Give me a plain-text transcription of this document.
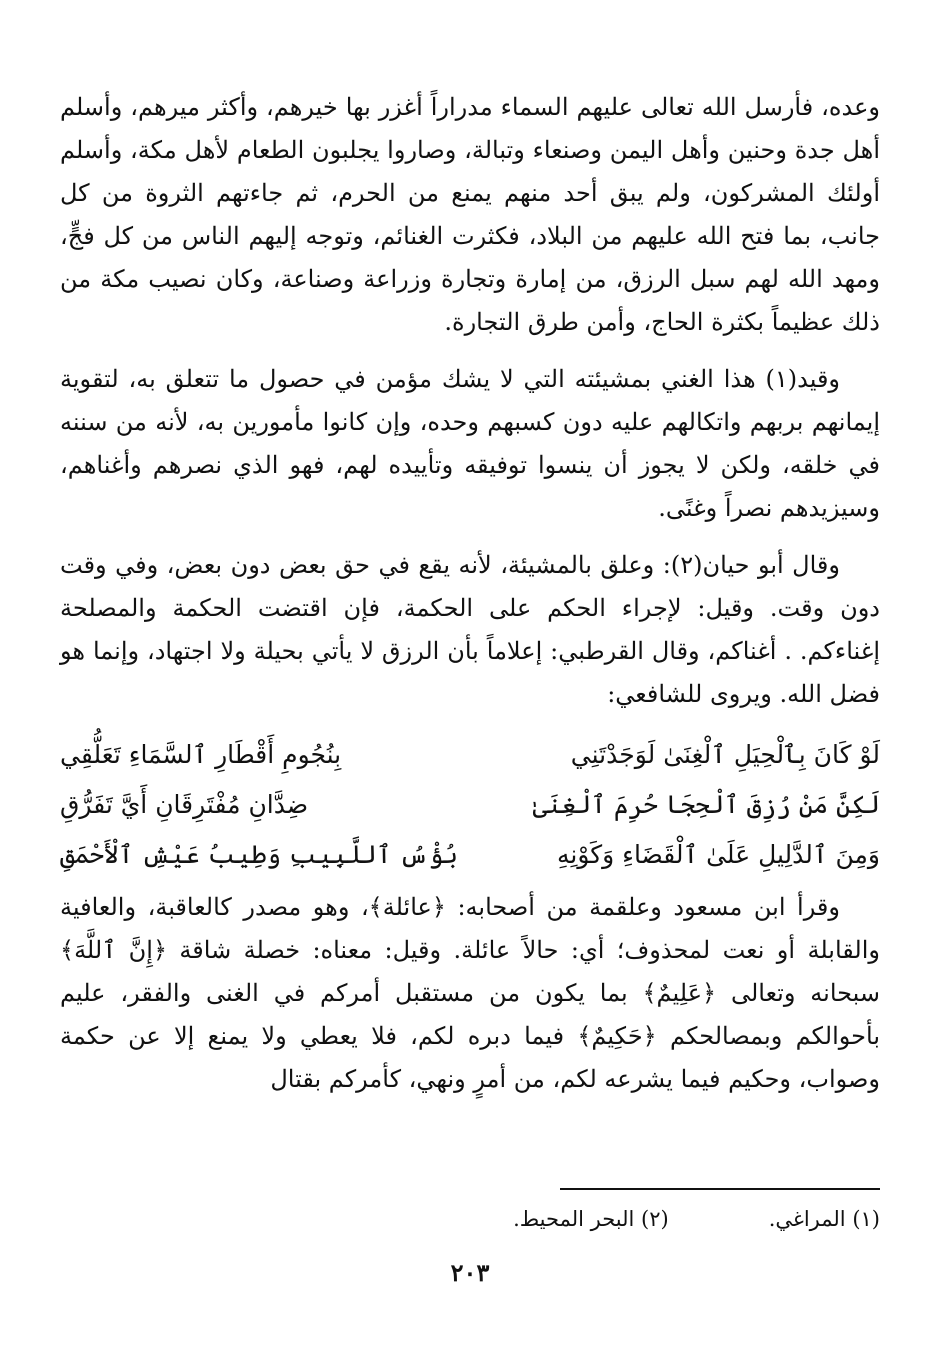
وعده، فأرسل الله تعالى عليهم السماء مدراراً أغزر بها خيرهم، وأكثر ميرهم، وأسلم أهل جدة وحنين وأهل اليمن وصنعاء وتبالة، وصاروا يجلبون الطعام لأهل مكة، وأسلم أولئك المشركون، ولم يبق أحد منهم يمنع من الحرم، ثم جاءتهم الثروة من كل جانب، بما فتح الله عليهم من البلاد، فكثرت الغنائم، وتوجه إليهم الناس من كل فجٍّ، ومهد الله لهم سبل الرزق، من إمارة وتجارة وزراعة وصناعة، وكان نصيب مكة من ذلك عظيماً بكثرة الحاج، وأمن طرق التجارة.

وقيد(١) هذا الغني بمشيئته التي لا يشك مؤمن في حصول ما تتعلق به، لتقوية إيمانهم بربهم واتكالهم عليه دون كسبهم وحده، وإن كانوا مأمورين به، لأنه من سننه في خلقه، ولكن لا يجوز أن ينسوا توفيقه وتأييده لهم، فهو الذي نصرهم وأغناهم، وسيزيدهم نصراً وغنًى.

وقال أبو حيان(٢): وعلق بالمشيئة، لأنه يقع في حق بعض دون بعض، وفي وقت دون وقت. وقيل: لإجراء الحكم على الحكمة، فإن اقتضت الحكمة والمصلحة إغناءكم. . أغناكم، وقال القرطبي: إعلاماً بأن الرزق لا يأتي بحيلة ولا اجتهاد، وإنما هو فضل الله. ويروى للشافعي:

لَوْ كَانَ بِٱلْحِيَلِ ٱلْغِنَىٰ لَوَجَدْتَنِي
بِنُجُومِ أَقْطَارِ ٱلسَّمَاءِ تَعَلُّقِي
لَكِنَّ مَنْ رُزِقَ ٱلْحِجَا حُرِمَ ٱلْغِنَىٰ
ضِدَّانِ مُفْتَرِقَانِ أَيَّ تَفَرُّقِ
وَمِنَ ٱلدَّلِيلِ عَلَىٰ ٱلْقَضَاءِ وَكَوْنِهِ
بُؤْسُ ٱللَّبِيبِ وَطِيبُ عَيْشِ ٱلْأَحْمَقِ

وقرأ ابن مسعود وعلقمة من أصحابه: ﴿عائلة﴾، وهو مصدر كالعاقبة، والعافية والقابلة أو نعت لمحذوف؛ أي: حالاً عائلة. وقيل: معناه: خصلة شاقة ﴿إِنَّ ٱللَّهَ﴾ سبحانه وتعالى ﴿عَلِيمٌ﴾ بما يكون من مستقبل أمركم في الغنى والفقر، عليم بأحوالكم وبمصالحكم ﴿حَكِيمٌ﴾ فيما دبره لكم، فلا يعطي ولا يمنع إلا عن حكمة وصواب، وحكيم فيما يشرعه لكم، من أمرٍ ونهي، كأمركم بقتال

(١) المراغي.
(٢) البحر المحيط.
٢٠٣
